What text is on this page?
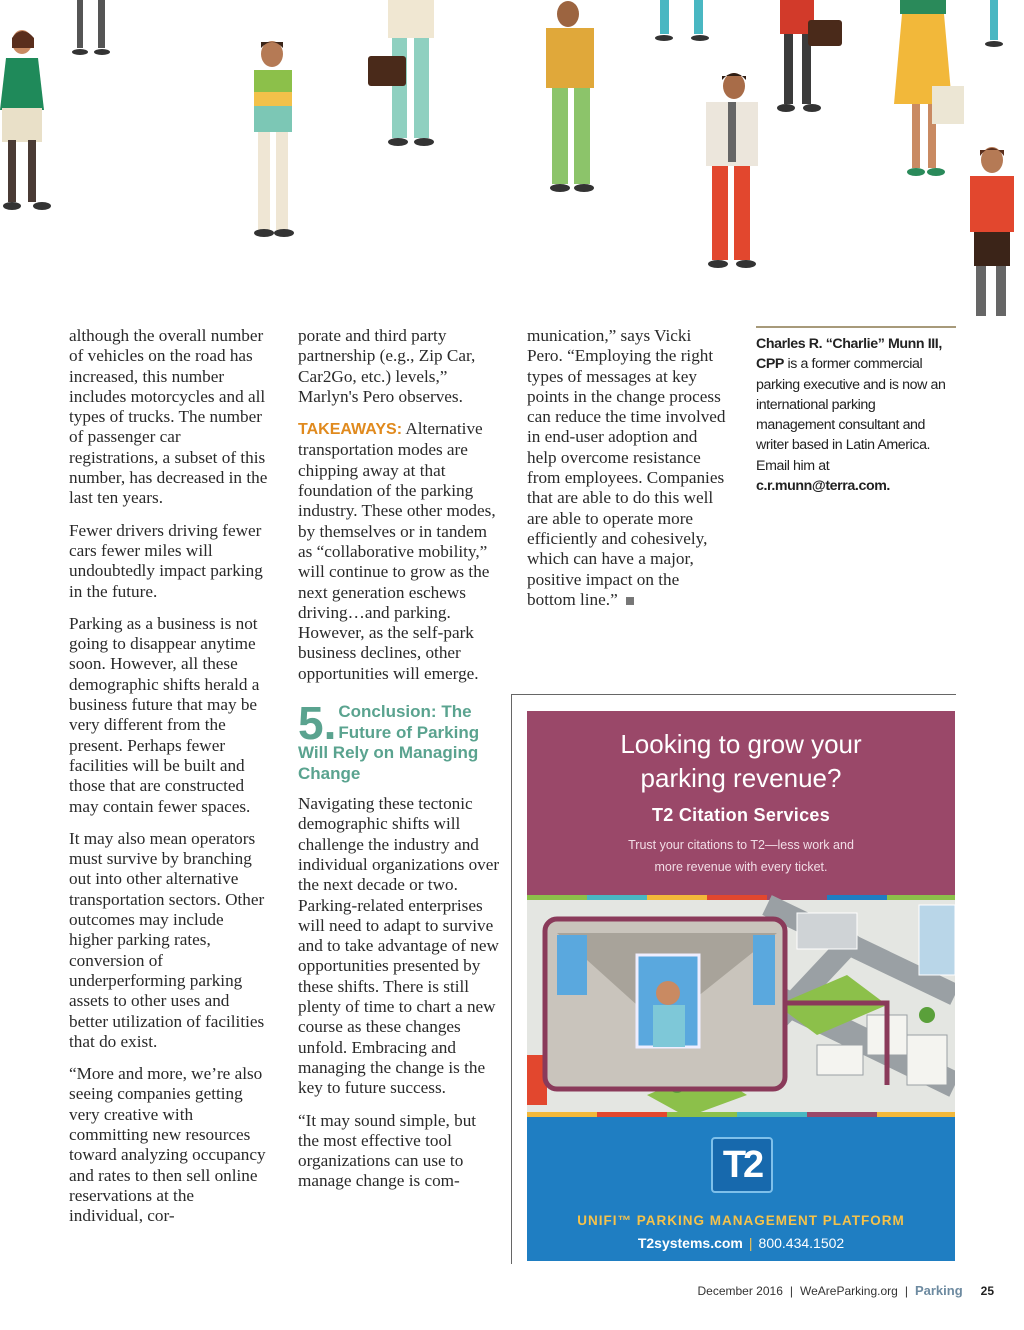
although the overall number of vehicles on the road has increased, this number includes motorcycles and all types of trucks. The number of passenger car registrations, a subset of this number, has decreased in the last ten years.

Fewer drivers driving fewer cars fewer miles will undoubtedly impact parking in the future.

Parking as a business is not going to disappear anytime soon. However, all these demographic shifts herald a business future that may be very different from the present. Perhaps fewer facilities will be built and those that are constructed may contain fewer spaces.

It may also mean operators must survive by branching out into other alternative transportation sectors. Other outcomes may include higher parking rates, conversion of underperforming parking assets to other uses and better utilization of facilities that do exist.

“More and more, we’re also seeing companies getting very creative with committing new resources toward analyzing occupancy and rates to then sell online reservations at the individual, cor-

porate and third party partnership (e.g., Zip Car, Car2Go, etc.) levels,” Marlyn's Pero observes.

TAKEAWAYS: Alternative transportation modes are chipping away at that foundation of the parking industry. These other modes, by themselves or in tandem as “collaborative mobility,” will continue to grow as the next generation eschews driving…and parking. However, as the self-park business declines, other opportunities will emerge.

5. Conclusion: The Future of Parking Will Rely on Managing Change

Navigating these tectonic demographic shifts will challenge the industry and individual organizations over the next decade or two. Parking-related enterprises will need to adapt to survive and to take advantage of new opportunities presented by these shifts. There is still plenty of time to chart a new course as these changes unfold. Embracing and managing the change is the key to future success.

“It may sound simple, but the most effective tool organizations can use to manage change is com-

munication,” says Vicki Pero. “Employing the right types of messages at key points in the change process can reduce the time involved in end-user adoption and help overcome resistance from employees. Companies that are able to do this well are able to operate more efficiently and cohesively, which can have a major, positive impact on the bottom line.”

Charles R. “Charlie” Munn III, CPP is a former commercial parking executive and is now an international parking management consultant and writer based in Latin America. Email him at c.r.munn@terra.com.
Looking to grow your parking revenue?
T2 Citation Services
Trust your citations to T2—less work and
more revenue with every ticket.
T2
UNIFI™ PARKING MANAGEMENT PLATFORM
T2systems.com | 800.434.1502
December 2016 | WeAreParking.org | Parking 25
